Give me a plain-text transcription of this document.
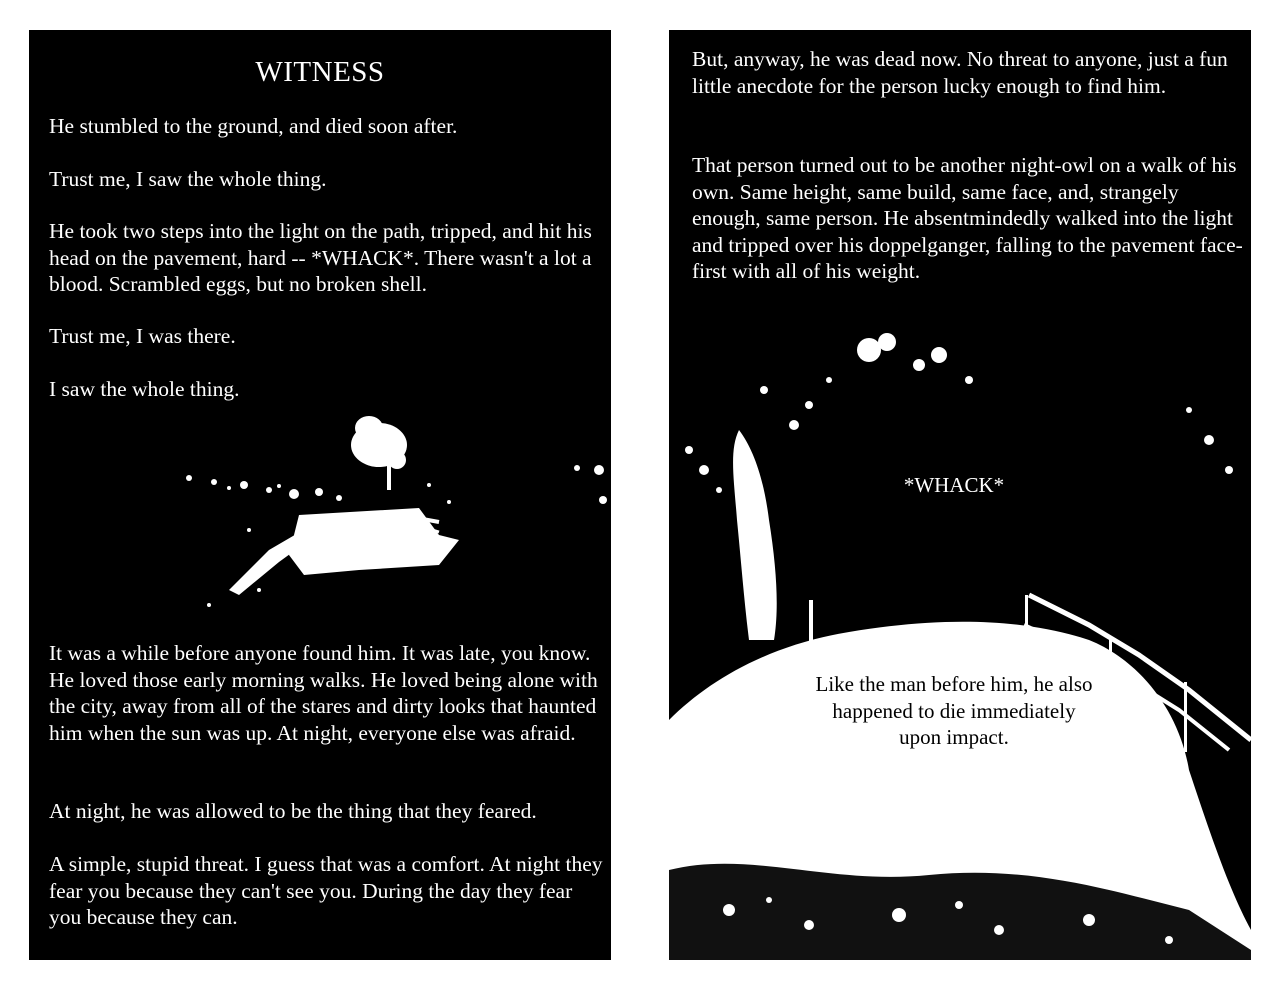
WITNESS

He stumbled to the ground, and died soon after.

Trust me, I saw the whole thing.

He took two steps into the light on the path, tripped, and hit his head on the pavement, hard -- *WHACK*. There wasn't a lot a blood. Scrambled eggs, but no broken shell.

Trust me, I was there.

I saw the whole thing.

It was a while before anyone found him. It was late, you know. He loved those early morning walks. He loved being alone with the city, away from all of the stares and dirty looks that haunted him when the sun was up. At night, everyone else was afraid.

At night, he was allowed to be the thing that they feared.

A simple, stupid threat. I guess that was a comfort. At night they fear you because they can't see you. During the day they fear you because they can.

But, anyway, he was dead now. No threat to anyone, just a fun little anecdote for the person lucky enough to find him.

That person turned out to be another night-owl on a walk of his own. Same height, same build, same face, and, strangely enough, same person. He absentmindedly walked into the light and tripped over his doppelganger, falling to the pavement face-first with all of his weight.

*WHACK*
Like the man before him, he also happened to die immediately upon impact.
